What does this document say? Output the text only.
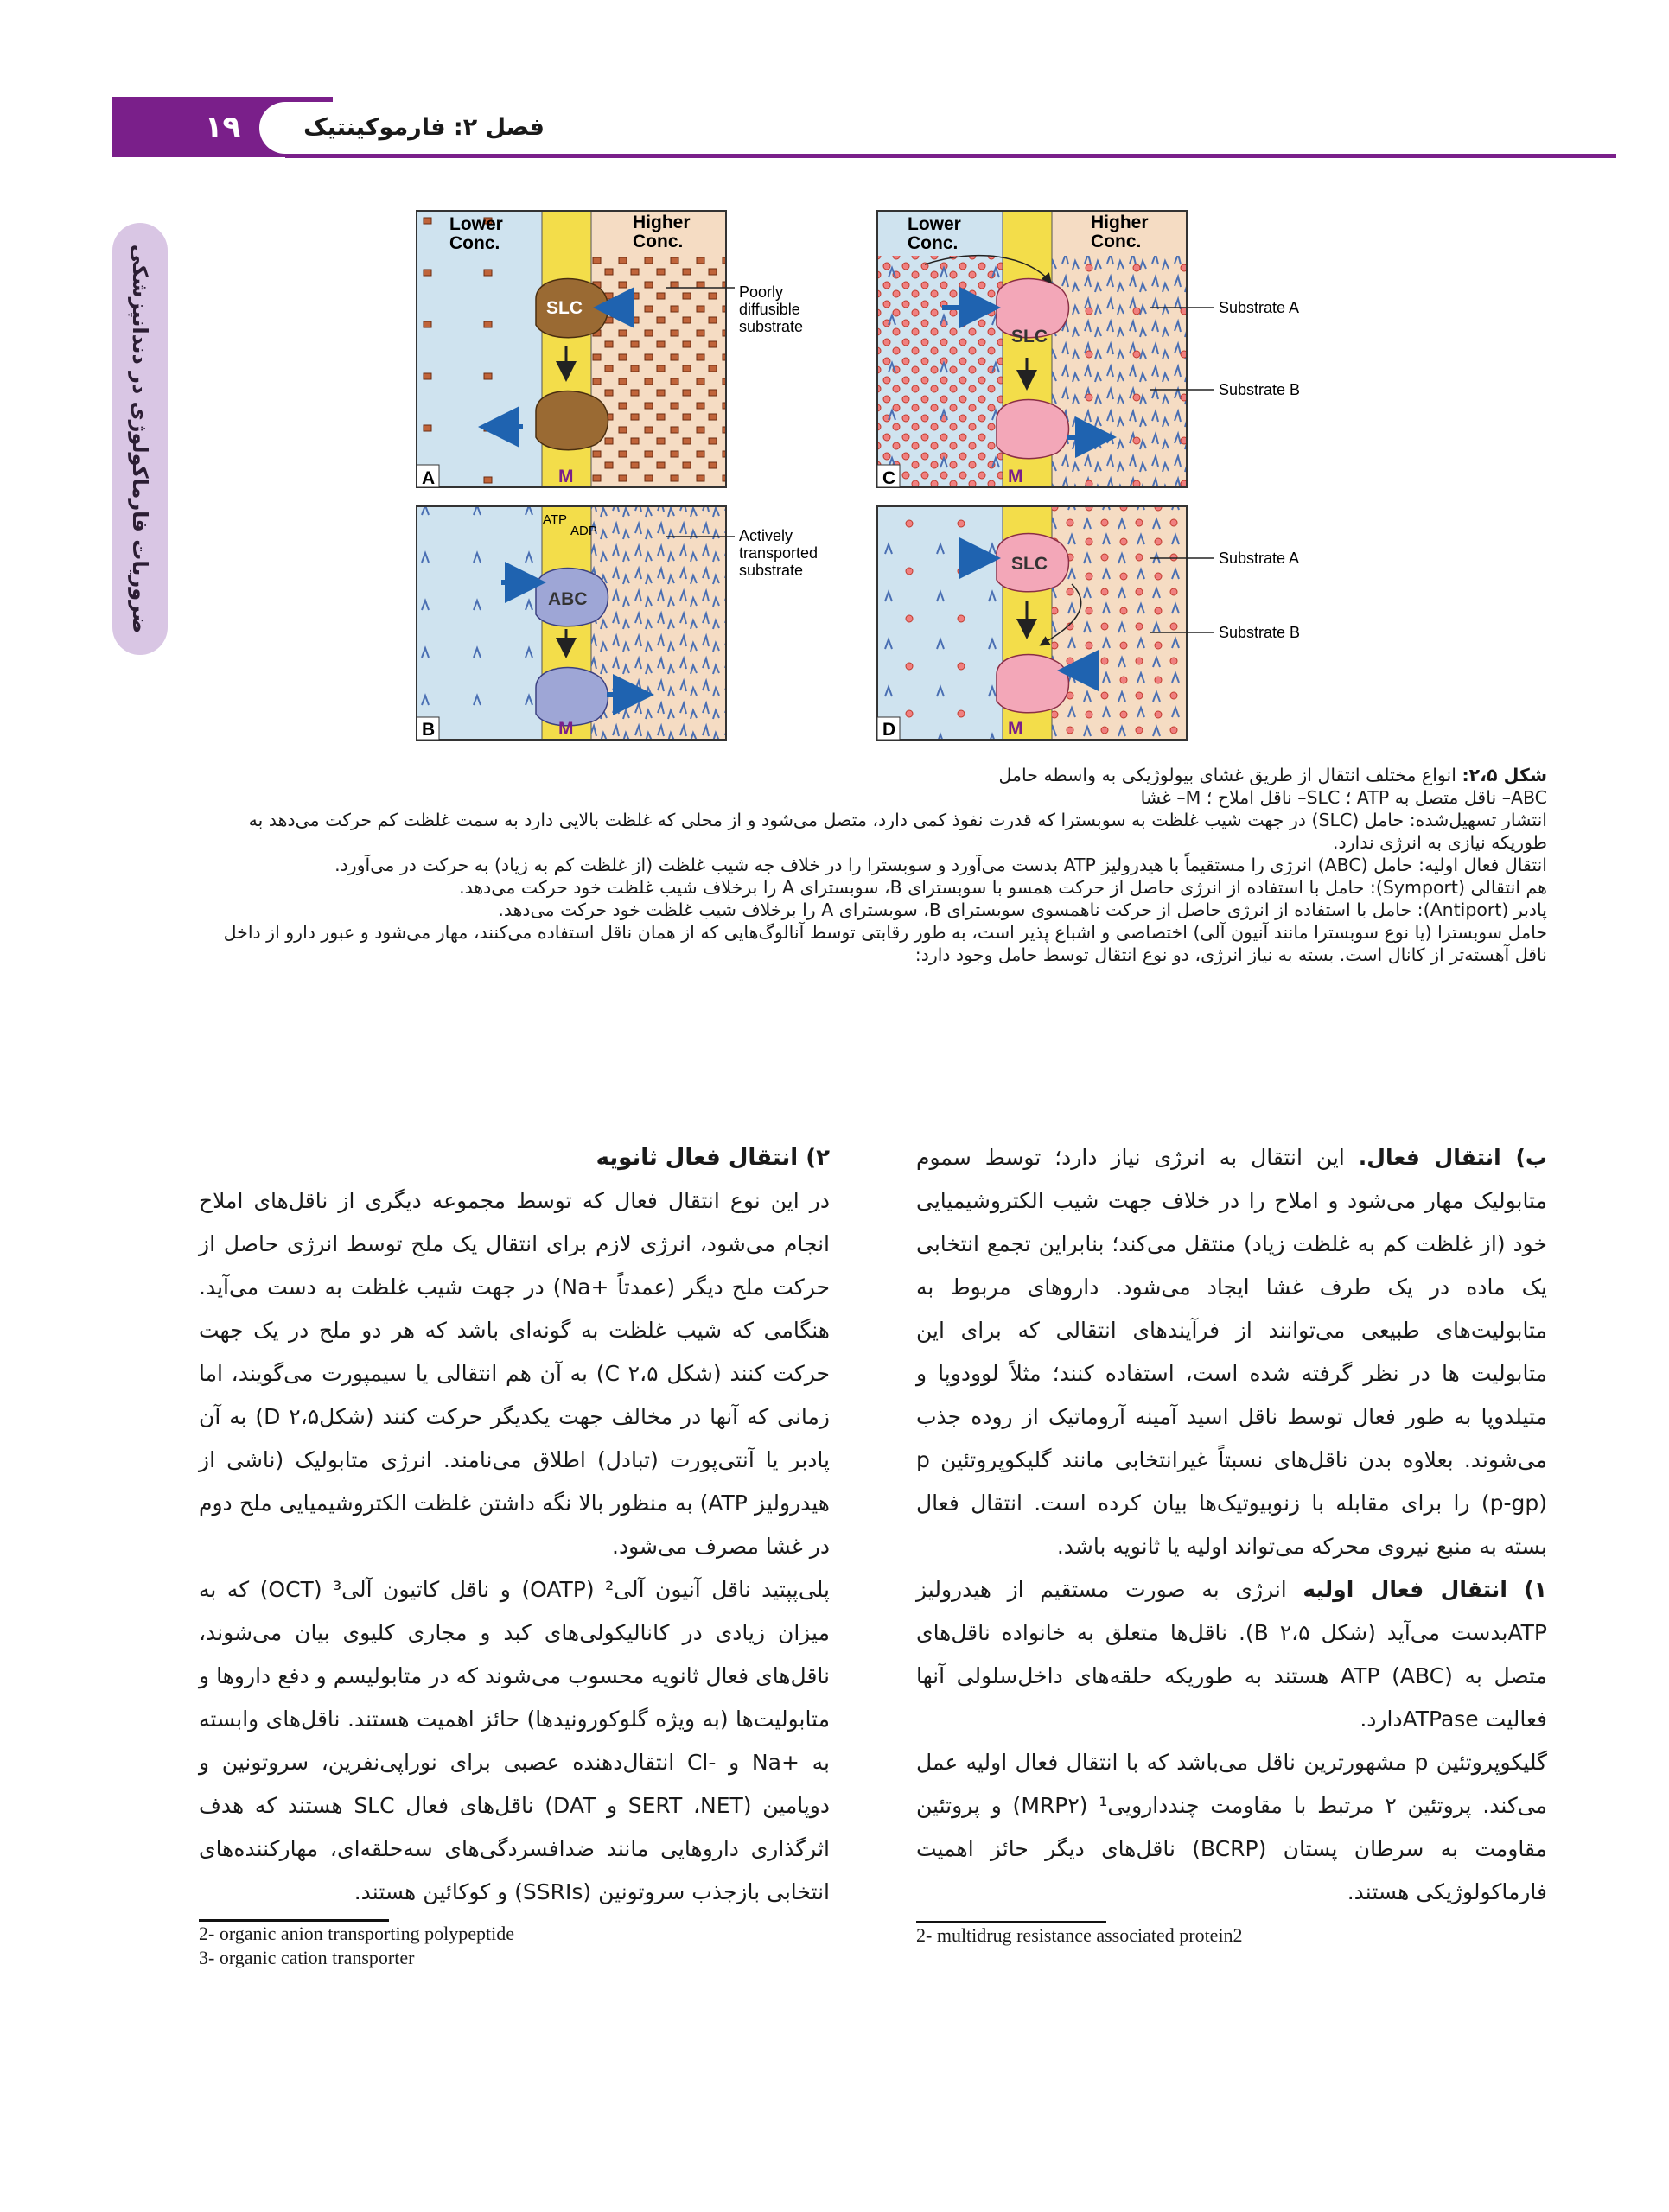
۱۹	فصل ۲: فارموکینتیک
ضروریات فارماکولوژی در دندانپزشکی
Lower
Conc.
Higher
Conc.
SLC
A	M
Poorly
diffusible
substrate
ABC
ATP
ADP
B	M
Actively
transported
substrate
Lower
Conc.
Higher
Conc.
SLC
C	M
Substrate A
Substrate B
SLC
D	M
Substrate A
Substrate B

شکل ۲،۵: انواع مختلف انتقال از طریق غشای بیولوژیکی به واسطه حامل

ABC– ناقل متصل به ATP ؛ SLC– ناقل املاح ؛ M– غشا

انتشار تسهیل‌شده: حامل (SLC) در جهت شیب غلظت به سوبسترا که قدرت نفوذ کمی دارد، متصل می‌شود و از محلی که غلظت بالایی دارد به سمت غلظت کم حرکت می‌دهد به طوریکه نیازی به انرژی ندارد.

انتقال فعال اولیه: حامل (ABC) انرژی را مستقیماً با هیدرولیز ATP بدست می‌آورد و سوبسترا را در خلاف جه شیب غلظت (از غلظت کم به زیاد) به حرکت در می‌آورد.

هم انتقالی (Symport): حامل با استفاده از انرژی حاصل از حرکت همسو با سوبسترای B، سوبسترای A را برخلاف شیب غلظت خود حرکت می‌دهد.

پادبر (Antiport): حامل با استفاده از انرژی حاصل از حرکت ناهمسوی سوبسترای B، سوبسترای A را برخلاف شیب غلظت خود حرکت می‌دهد.

حامل سوبسترا (یا نوع سوبسترا مانند آنیون آلی) اختصاصی و اشباع پذیر است، به طور رقابتی توسط آنالوگ‌هایی که از همان ناقل استفاده می‌کنند، مهار می‌شود و عبور دارو از داخل ناقل آهسته‌تر از کانال است. بسته به نیاز انرژی، دو نوع انتقال توسط حامل وجود دارد:

ب) انتقال فعال. این انتقال به انرژی نیاز دارد؛ توسط سموم متابولیک مهار می‌شود و املاح را در خلاف جهت شیب الکتروشیمیایی خود (از غلظت کم به غلظت زیاد) منتقل می‌کند؛ بنابراین تجمع انتخابی یک ماده در یک طرف غشا ایجاد می‌شود. داروهای مربوط به متابولیت‌های طبیعی می‌توانند از فرآیندهای انتقالی که برای این متابولیت ها در نظر گرفته شده است، استفاده کنند؛ مثلاً لوودوپا و متیلدوپا به طور فعال توسط ناقل اسید آمینه آروماتیک از روده جذب می‌شوند. بعلاوه بدن ناقل‌های نسبتاً غیرانتخابی مانند گلیکوپروتئین p (p-gp) را برای مقابله با زنوبیوتیک‌ها بیان کرده است. انتقال فعال بسته به منبع نیروی محرکه می‌تواند اولیه یا ثانویه باشد.

۱) انتقال فعال اولیه انرژی به صورت مستقیم از هیدرولیز ATPبدست می‌آید (شکل ۲،۵ B). ناقل‌ها متعلق به خانواده ناقل‌های متصل به ATP (ABC) هستند به طوریکه حلقه‌های داخل‌سلولی آنها فعالیت ATPaseدارد.

گلیکوپروتئین p مشهورترین ناقل می‌باشد که با انتقال فعال اولیه عمل می‌کند. پروتئین ۲ مرتبط با مقاومت چنددارویی¹ (MRP۲) و پروتئین مقاومت به سرطان پستان (BCRP) ناقل‌های دیگر حائز اهمیت فارماکولوژیکی هستند.

2- multidrug resistance associated protein2
۲) انتقال فعال ثانویه

در این نوع انتقال فعال که توسط مجموعه دیگری از ناقل‌های املاح انجام می‌شود، انرژی لازم برای انتقال یک ملح توسط انرژی حاصل از حرکت ملح دیگر (عمدتاً +Na) در جهت شیب غلظت به دست می‌آید. هنگامی که شیب غلظت به گونه‌ای باشد که هر دو ملح در یک جهت حرکت کنند (شکل C ۲،۵) به آن هم انتقالی یا سیمپورت می‌گویند، اما زمانی که آنها در مخالف جهت یکدیگر حرکت کنند (شکلD ۲،۵) به آن پادبر یا آنتی‌پورت (تبادل) اطلاق می‌نامند. انرژی متابولیک (ناشی از هیدرولیز ATP) به منظور بالا نگه داشتن غلظت الکتروشیمیایی ملح دوم در غشا مصرف می‌شود.

پلی‌پپتید ناقل آنیون آلی² (OATP) و ناقل کاتیون آلی³ (OCT) که به میزان زیادی در کانالیکولی‌های کبد و مجاری کلیوی بیان می‌شوند، ناقل‌های فعال ثانویه محسوب می‌شوند که در متابولیسم و دفع داروها و متابولیت‌ها (به ویژه گلوکورونیدها) حائز اهمیت هستند. ناقل‌های وابسته به +Na و -Cl انتقال‌دهنده عصبی برای نوراپی‌نفرین، سروتونین و دوپامین (SERT ،NET و DAT) ناقل‌های فعال SLC هستند که هدف اثرگذاری داروهایی مانند ضدافسردگی‌های سه‌حلقه‌ای، مهارکننده‌های انتخابی بازجذب سروتونین (SSRIs) و کوکائین هستند.

2- organic anion transporting polypeptide
3- organic cation transporter
